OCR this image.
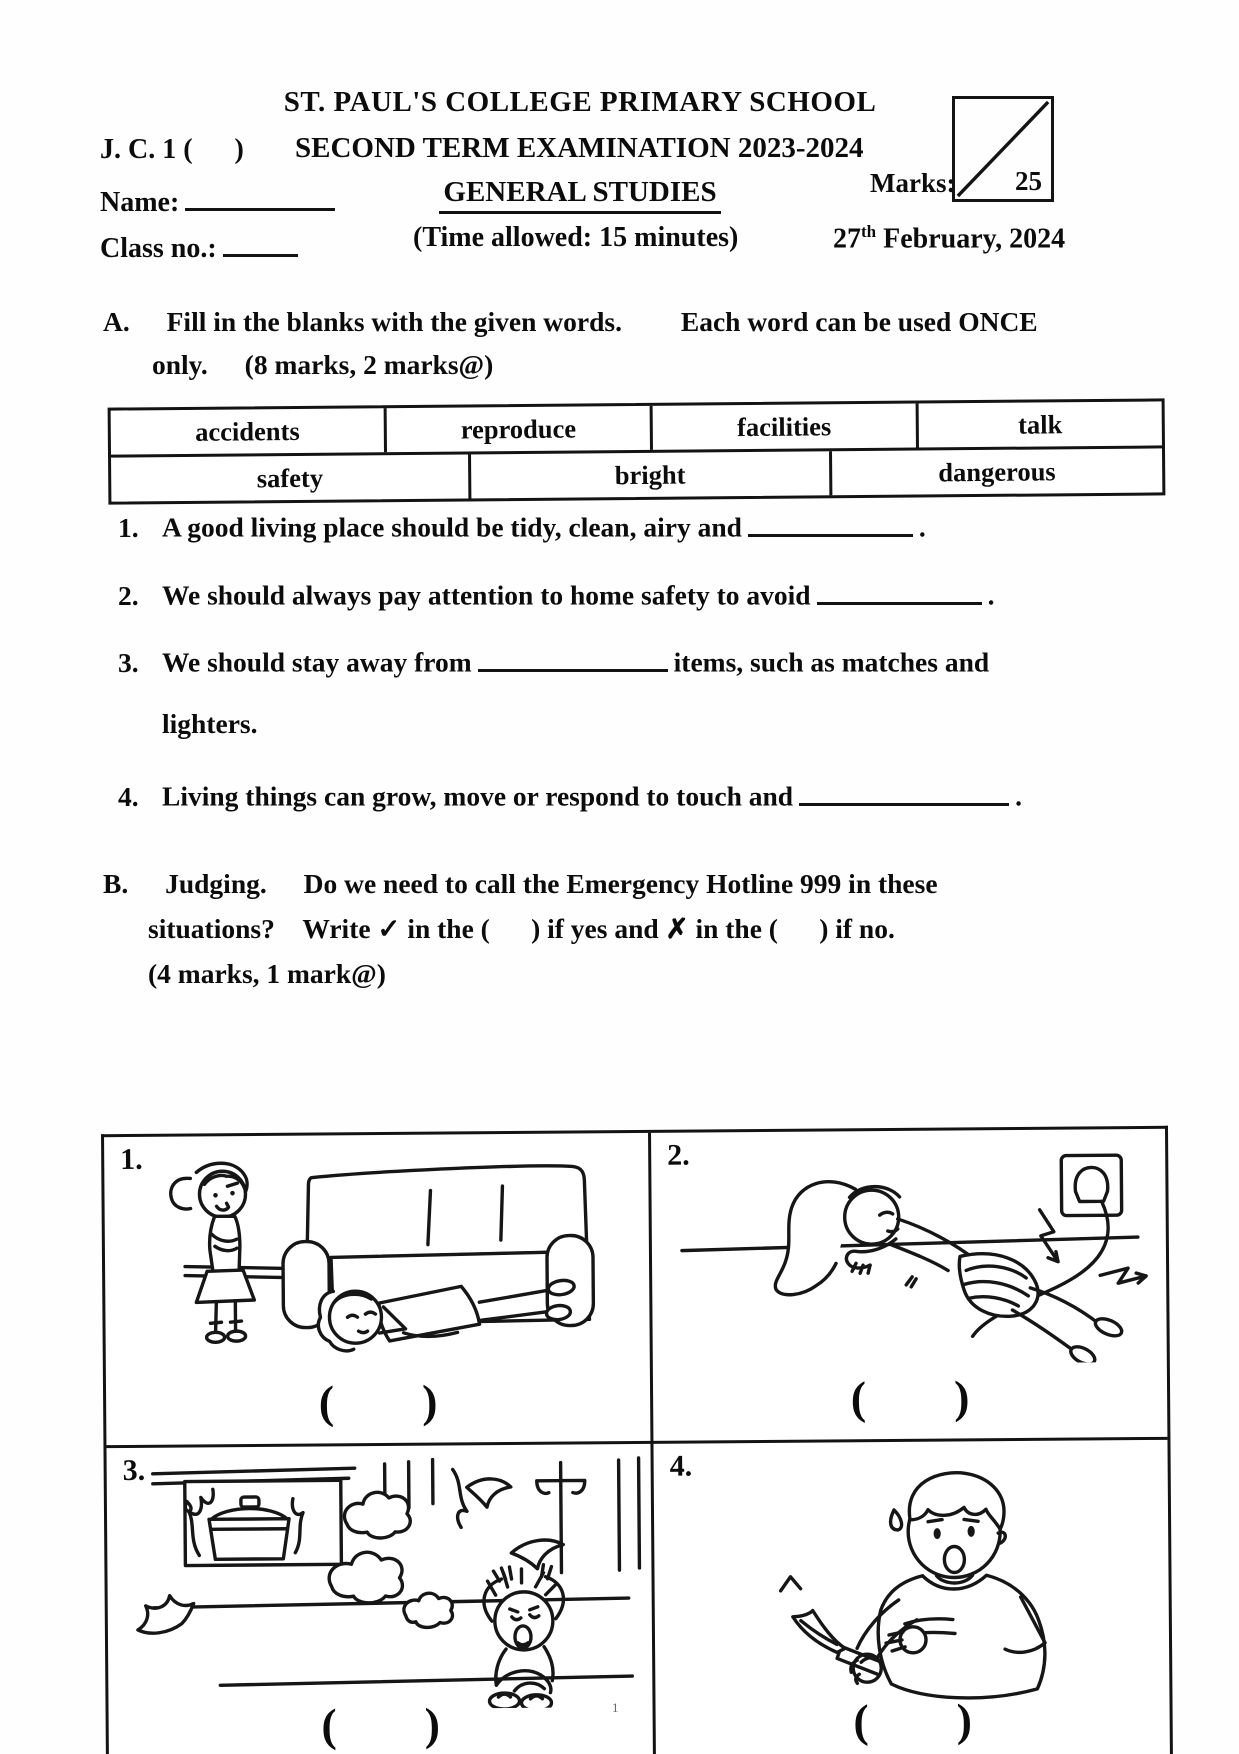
ST. PAUL'S COLLEGE PRIMARY SCHOOL
J. C. 1 (      ) SECOND TERM EXAMINATION 2023-2024
Name:	GENERAL STUDIES	Marks: 25
Class no.:	(Time allowed: 15 minutes)	27th February, 2024
A. Fill in the blanks with the given words. Each word can be used ONCE
only. (8 marks, 2 marks@)
accidents	reproduce	facilities	talk
safety	bright	dangerous
1. A good living place should be tidy, clean, airy and	.
2. We should always pay attention to home safety to avoid	.
3. We should stay away from	items, such as matches and
lighters.
4. Living things can grow, move or respond to touch and	.
B. Judging. Do we need to call the Emergency Hotline 999 in these
situations?    Write ✓ in the (      ) if yes and ✗ in the (      ) if no.
(4 marks, 1 mark@)
1.
( )
2.
( )
3.
( )
4.
( )
1
